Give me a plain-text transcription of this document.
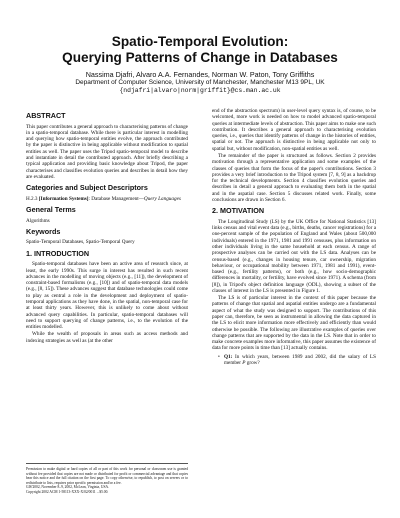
Spatio-Temporal Evolution:
Querying Patterns of Change in Databases
Nassima Djafri, Alvaro A.A. Fernandes, Norman W. Paton, Tony Griffiths
Department of Computer Science, University of Manchester, Manchester M13 9PL, UK
{ndjafri|alvaro|norm|griffit}@cs.man.ac.uk
ABSTRACT

This paper contributes a general approach to characterising patterns of change in a spatio-temporal database. While there is particular interest in modelling and querying how spatio-temporal entities evolve, the approach contributed by the paper is distinctive in being applicable without modification to spatial entities as well. The paper uses the Tripod spatio-temporal model to describe and instantiate in detail the contributed approach. After briefly describing a typical application and providing basic knowledge about Tripod, the paper characterises and classifies evolution queries and describes in detail how they are evaluated.

Categories and Subject Descriptors

H.2.3 [Information Systems]: Database Management—Query Languages

General Terms

Algorithms

Keywords

Spatio-Temporal Databases, Spatio-Temporal Query

1. INTRODUCTION

Spatio-temporal databases have been an active area of research since, at least, the early 1990s. This surge in interest has resulted in such recent advances in the modelling of moving objects (e.g., [11]), the development of constraint-based formalisms (e.g., [10]) and of spatio-temporal data models (e.g., [8, 15]). These advances suggest that database technologies could come to play as central a role in the development and deployment of spatio-temporal applications as they have done, in the spatial, non-temporal case for at least thirty years. However, this is unlikely to come about without advanced query capabilities. In particular, spatio-temporal databases will need to support querying of change patterns, i.e., to the evolution of the entities modelled.

While the wealth of proposals in areas such as access methods and indexing strategies as well as (at the other

Permission to make digital or hard copies of all or part of this work for personal or classroom use is granted without fee provided that copies are not made or distributed for profit or commercial advantage and that copies bear this notice and the full citation on the first page. To copy otherwise, to republish, to post on servers or to redistribute to lists, requires prior specific permission and/or a fee.
GIS'2002, November 8–9, 2002, McLean, Virginia, USA.
Copyright 2002 ACM 1-58113-XXX-X/02/0011 ...$5.00.

end of the abstraction spectrum) in user-level query syntax is, of course, to be welcomed, more work is needed on how to model advanced spatio-temporal queries at intermediate levels of abstraction. This paper aims to make one such contribution. It describes a general approach to characterising evolution queries, i.e., queries that identify patterns of change in the histories of entities, spatial or not. The approach is distinctive in being applicable not only to spatial but, without modification, non-spatial entities as well.

The remainder of the paper is structured as follows. Section 2 provides motivation through a representative application and some examples of the classes of queries that form the focus of the paper's contributions. Section 3 provides a very brief introduction to the Tripod system [7, 8, 9] as a backdrop for the technical developments. Section 4 classifies evolution queries and describes in detail a general approach to evaluating them both in the spatial and in the aspatial case. Section 5 discusses related work. Finally, some conclusions are drawn in Section 6.

2. MOTIVATION

The Longitudinal Study (LS) by the UK Office for National Statistics [13] links census and vital event data (e.g., births, deaths, cancer registrations) for a one-percent sample of the population of England and Wales (about 500,000 individuals) entered in the 1971, 1981 and 1991 censuses, plus information on other individuals living in the same household at each census. A range of prospective analyses can be carried out with the LS data. Analyses can be census-based (e.g., changes in housing tenure, car ownership, migration behaviour, or occupational mobility between 1971, 1981 and 1991), event-based (e.g., fertility patterns), or both (e.g., how socio-demographic differences in mortality, or fertility, have evolved since 1971). A schema (from [8]), in Tripod's object definition language (ODL), showing a subset of the classes of interest in the LS is presented in Figure 1.

The LS is of particular interest in the context of this paper because the patterns of change that spatial and aspatial entities undergo are a fundamental aspect of what the study was designed to support. The contributions of this paper can, therefore, be seen as instrumental in allowing the data captured in the LS to elicit more information more effectively and efficiently than would otherwise be possible. The following are illustrative examples of queries over change patterns that are supported by the data in the LS. Note that in order to make concrete examples more informative, this paper assumes the existence of data for more points in time than [13] actually contains.

• Q1: In which years, between 1989 and 2002, did the salary of LS member P grow?
